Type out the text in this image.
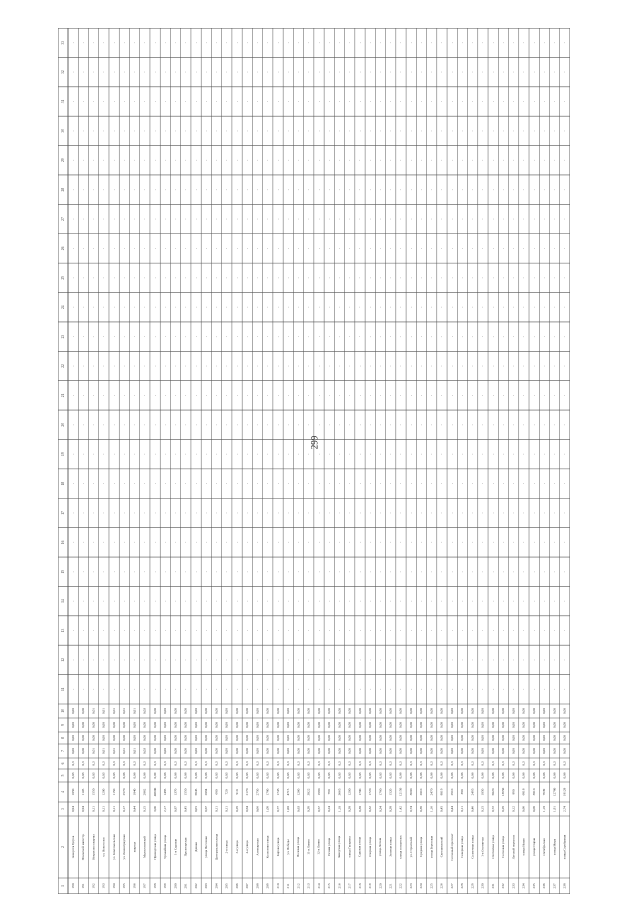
299
1
2
3
4
5
6
7
8
9
10
11
12
13
14
15
16
17
18
19
20
21
22
23
24
25
26
27
28
29
30
31
32
33
190
поворота Бугров
0,94
1050
0,03
0,3
0,00
0,00
0,00
0,00
-
-
-
-
-
-
-
-
-
-
-
-
-
-
-
-
-
-
-
-
-
-
-
191
Псковской магистр.
0,94
1145
0,03
0,3
0,00
0,00
0,00
0,00
-
-
-
-
-
-
-
-
-
-
-
-
-
-
-
-
-
-
-
-
-
-
-
192
Некрасово квартал
0,11
1550
0,03
0,3
0,01
0,00
0,00
0,01
-
-
-
-
-
-
-
-
-
-
-
-
-
-
-
-
-
-
-
-
-
-
-
193
ул. Новоселов
0,11
1200
0,03
0,3
0,01
0,00
0,00
0,01
-
-
-
-
-
-
-
-
-
-
-
-
-
-
-
-
-
-
-
-
-
-
-
194
ул. Комсомольская
0,11
1150
0,03
0,3
0,01
0,00
0,00
0,01
-
-
-
-
-
-
-
-
-
-
-
-
-
-
-
-
-
-
-
-
-
-
-
195
ул. Ленинградская
0,17
2570
0,06
0,3
0,01
0,00
0,00
0,01
-
-
-
-
-
-
-
-
-
-
-
-
-
-
-
-
-
-
-
-
-
-
-
196
квартал
0,44
1840
0,06
0,3
0,01
0,00
0,00
0,01
-
-
-
-
-
-
-
-
-
-
-
-
-
-
-
-
-
-
-
-
-
-
-
197
Малоохтинский
0,15
2862
0,06
0,3
0,03
0,00
0,00
0,03
-
-
-
-
-
-
-
-
-
-
-
-
-
-
-
-
-
-
-
-
-
-
-
198
Приморская улица
3,06
40600
0,09
0,3
0,00
0,00
0,00
0,00
-
-
-
-
-
-
-
-
-
-
-
-
-
-
-
-
-
-
-
-
-
-
-
199
Урожайная улица
2,17
1485
0,06
0,3
0,00
0,00
0,00
0,00
-
-
-
-
-
-
-
-
-
-
-
-
-
-
-
-
-
-
-
-
-
-
-
200
1-я Садовая
0,87
1370
0,06
0,3
0,00
0,00
0,00
0,00
-
-
-
-
-
-
-
-
-
-
-
-
-
-
-
-
-
-
-
-
-
-
-
201
Пролетарская
0,45
1550
0,06
0,3
0,00
0,00
0,00
0,00
-
-
-
-
-
-
-
-
-
-
-
-
-
-
-
-
-
-
-
-
-
-
-
202
Дачная
0,65
6945
0,06
0,3
0,00
0,00
0,00
0,00
-
-
-
-
-
-
-
-
-
-
-
-
-
-
-
-
-
-
-
-
-
-
-
203
улица Песочная
0,67
2094
0,06
0,3
0,00
0,00
0,00
0,00
-
-
-
-
-
-
-
-
-
-
-
-
-
-
-
-
-
-
-
-
-
-
-
204
Центральная улица
0,11
680
0,03
0,3
0,00
0,00
0,00
0,00
-
-
-
-
-
-
-
-
-
-
-
-
-
-
-
-
-
-
-
-
-
-
-
205
2-я улица
0,11
720
0,03
0,3
0,00
0,00
0,00
0,00
-
-
-
-
-
-
-
-
-
-
-
-
-
-
-
-
-
-
-
-
-
-
-
206
3-я улица
0,29
910
0,03
0,3
0,00
0,00
0,00
0,00
-
-
-
-
-
-
-
-
-
-
-
-
-
-
-
-
-
-
-
-
-
-
-
207
4-я улица
0,64
2170
0,03
0,3
0,00
0,00
0,00
0,00
-
-
-
-
-
-
-
-
-
-
-
-
-
-
-
-
-
-
-
-
-
-
-
208
Аптекарская
0,66
2750
0,03
0,3
0,00
0,00
0,00
0,00
-
-
-
-
-
-
-
-
-
-
-
-
-
-
-
-
-
-
-
-
-
-
-
209
Колхозная улица
1,09
1780
0,03
0,3
0,00
0,00
0,00
0,00
-
-
-
-
-
-
-
-
-
-
-
-
-
-
-
-
-
-
-
-
-
-
-
210
Кирова улица
0,77
1745
0,03
0,3
0,00
0,00
0,00
0,00
-
-
-
-
-
-
-
-
-
-
-
-
-
-
-
-
-
-
-
-
-
-
-
211
ул. Победы
1,00
4715
0,03
0,3
0,00
0,00
0,00
0,00
-
-
-
-
-
-
-
-
-
-
-
-
-
-
-
-
-
-
-
-
-
-
-
212
Полевая улица
0,63
1260
0,03
0,3
0,00
0,00
0,00
0,00
-
-
-
-
-
-
-
-
-
-
-
-
-
-
-
-
-
-
-
-
-
-
-
213
11-я Линия
0,39
3022
0,03
0,3
0,00
0,00
0,00
0,00
-
-
-
-
-
-
-
-
-
-
-
-
-
-
-
-
-
-
-
-
-
-
-
214
12-я Линия
0,57
1990
0,03
0,3
0,00
0,00
0,00
0,00
-
-
-
-
-
-
-
-
-
-
-
-
-
-
-
-
-
-
-
-
-
-
-
215
Речная улица
0,24
790
0,03
0,3
0,00
0,00
0,00
0,00
-
-
-
-
-
-
-
-
-
-
-
-
-
-
-
-
-
-
-
-
-
-
-
216
Заводская улица
1,10
3665
0,03
0,3
0,00
0,00
0,00
0,00
-
-
-
-
-
-
-
-
-
-
-
-
-
-
-
-
-
-
-
-
-
-
-
217
улица Гагарина
0,38
1200
0,03
0,3
0,00
0,00
0,00
0,00
-
-
-
-
-
-
-
-
-
-
-
-
-
-
-
-
-
-
-
-
-
-
-
218
Садовая улица
0,38
1700
0,03
0,3
0,00
0,00
0,00
0,00
-
-
-
-
-
-
-
-
-
-
-
-
-
-
-
-
-
-
-
-
-
-
-
219
Озерная улица
0,32
1720
0,03
0,3
0,00
0,00
0,00
0,00
-
-
-
-
-
-
-
-
-
-
-
-
-
-
-
-
-
-
-
-
-
-
-
220
улица Лесная
0,34
1780
0,03
0,3
0,00
0,00
0,00
0,00
-
-
-
-
-
-
-
-
-
-
-
-
-
-
-
-
-
-
-
-
-
-
-
221
Зеленая улица
0,38
1520
0,03
0,3
0,00
0,00
0,00
0,00
-
-
-
-
-
-
-
-
-
-
-
-
-
-
-
-
-
-
-
-
-
-
-
222
улица и переулок
1,42
12150
0,06
0,3
0,00
0,00
0,00
0,00
-
-
-
-
-
-
-
-
-
-
-
-
-
-
-
-
-
-
-
-
-
-
-
223
ул. Строителей
0,74
3600
0,06
0,3
0,00
0,00
0,00
0,00
-
-
-
-
-
-
-
-
-
-
-
-
-
-
-
-
-
-
-
-
-
-
-
224
Средняя улица
0,39
2010
0,06
0,3
0,00
0,00
0,00
0,00
-
-
-
-
-
-
-
-
-
-
-
-
-
-
-
-
-
-
-
-
-
-
-
225
улица Береговая
1,16
2470
0,06
0,3
0,00
0,00
0,00
0,00
-
-
-
-
-
-
-
-
-
-
-
-
-
-
-
-
-
-
-
-
-
-
-
226
Светлановский
0,45
8019
0,06
0,3
0,00
0,00
0,00
0,00
-
-
-
-
-
-
-
-
-
-
-
-
-
-
-
-
-
-
-
-
-
-
-
227
Сосновый проспект
0,44
2910
0,06
0,3
0,00
0,00
0,00
0,00
-
-
-
-
-
-
-
-
-
-
-
-
-
-
-
-
-
-
-
-
-
-
-
228
Северная улица
0,11
380
0,06
0,3
0,00
0,00
0,00
0,00
-
-
-
-
-
-
-
-
-
-
-
-
-
-
-
-
-
-
-
-
-
-
-
229
Солнечная улица
0,46
2495
0,06
0,3
0,00
0,00
0,00
0,00
-
-
-
-
-
-
-
-
-
-
-
-
-
-
-
-
-
-
-
-
-
-
-
230
1-я Охотничья
0,15
1050
0,06
0,3
0,00
0,00
0,00
0,00
-
-
-
-
-
-
-
-
-
-
-
-
-
-
-
-
-
-
-
-
-
-
-
231
Охотничья улица
0,72
6020
0,06
0,3
0,00
0,00
0,00
0,00
-
-
-
-
-
-
-
-
-
-
-
-
-
-
-
-
-
-
-
-
-
-
-
232
Сосновая улица
0,29
13650
0,06
0,3
0,00
0,00
0,00
0,00
-
-
-
-
-
-
-
-
-
-
-
-
-
-
-
-
-
-
-
-
-
-
-
233
Луговой переулок
0,12
890
0,06
0,3
0,00
0,00
0,00
0,00
-
-
-
-
-
-
-
-
-
-
-
-
-
-
-
-
-
-
-
-
-
-
-
234
улица Новая
0,66
6818
0,06
0,3
0,00
0,00
0,00
0,00
-
-
-
-
-
-
-
-
-
-
-
-
-
-
-
-
-
-
-
-
-
-
-
235
улица Старая
0,09
3810
0,06
0,3
0,00
0,00
0,00
0,00
-
-
-
-
-
-
-
-
-
-
-
-
-
-
-
-
-
-
-
-
-
-
-
236
Октябрьская
1,18
7639
0,06
0,3
0,00
0,00
0,00
0,00
-
-
-
-
-
-
-
-
-
-
-
-
-
-
-
-
-
-
-
-
-
-
-
237
улица Мира
1,91
12780
0,06
0,3
0,00
0,00
0,00
0,00
-
-
-
-
-
-
-
-
-
-
-
-
-
-
-
-
-
-
-
-
-
-
-
238
улица Серебряная
2,74
18128
0,06
0,3
0,00
0,00
0,00
0,00
-
-
-
-
-
-
-
-
-
-
-
-
-
-
-
-
-
-
-
-
-
-
-
